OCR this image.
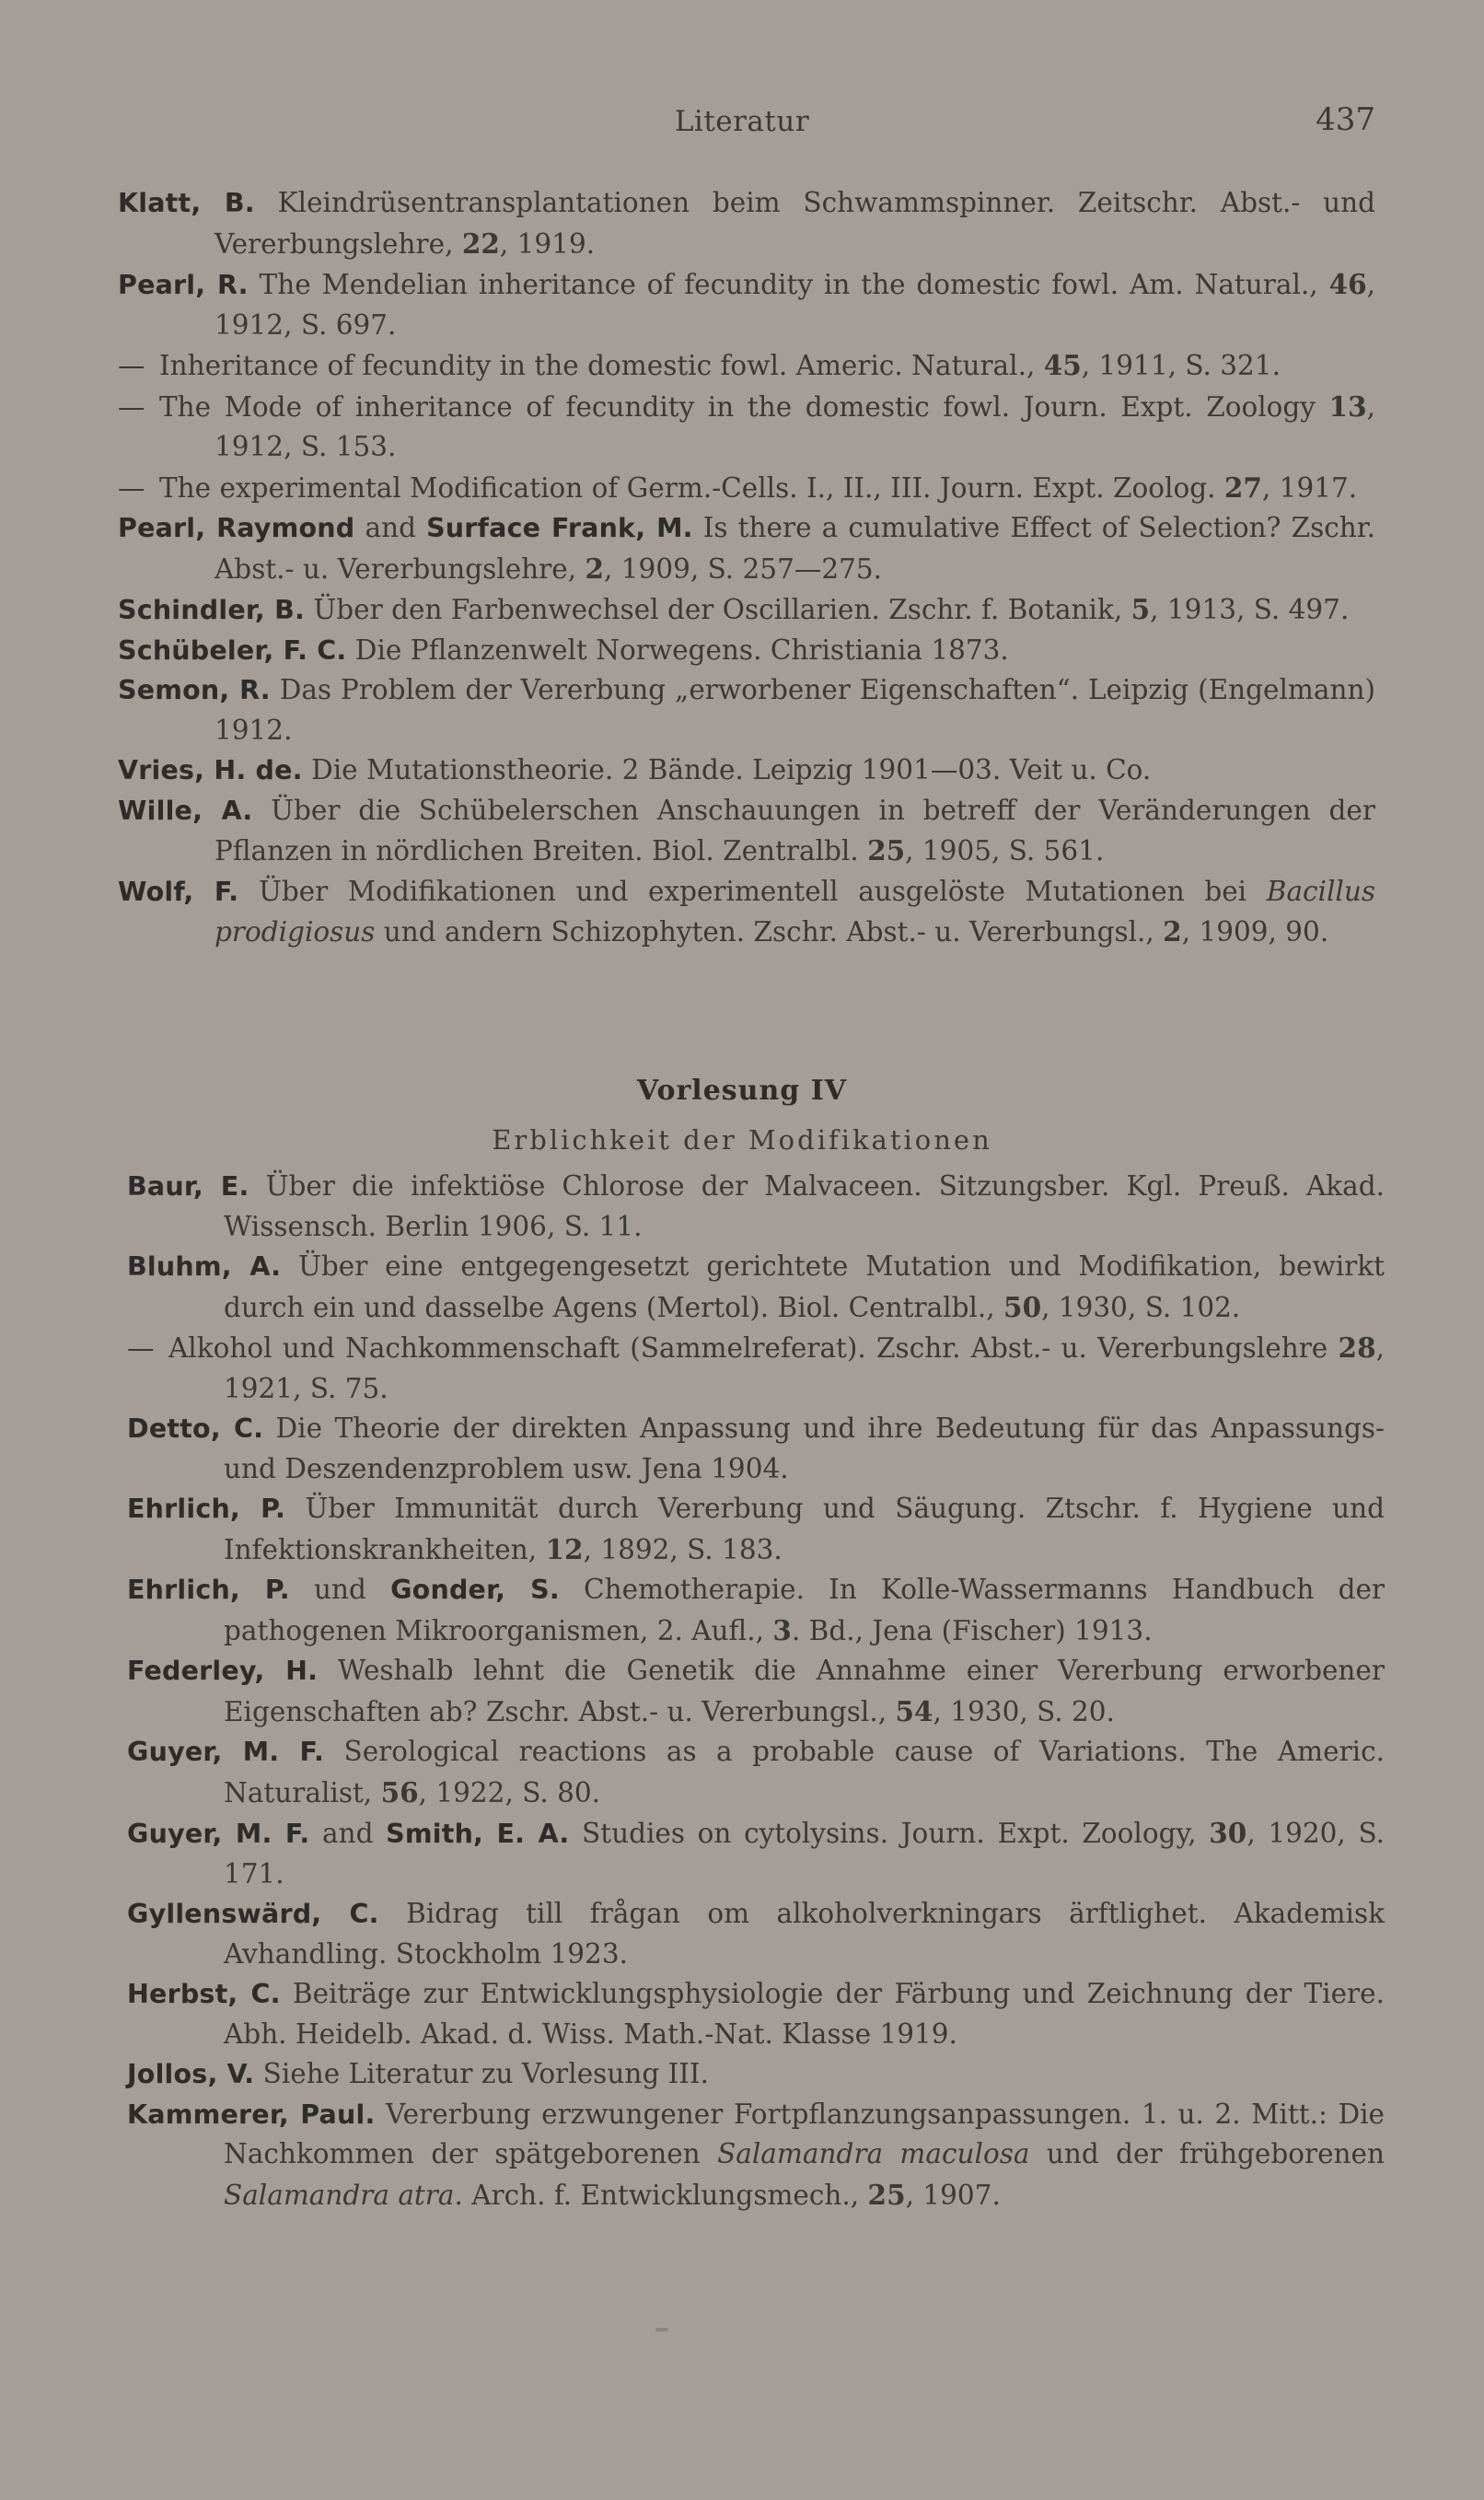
Literatur	437
Klatt, B. Kleindrüsentransplantationen beim Schwammspinner. Zeitschr. Abst.- und Vererbungslehre, 22, 1919.
Pearl, R. The Mendelian inheritance of fecundity in the domestic fowl. Am. Natural., 46, 1912, S. 697.
— Inheritance of fecundity in the domestic fowl. Americ. Natural., 45, 1911, S. 321.
— The Mode of inheritance of fecundity in the domestic fowl. Journ. Expt. Zoology 13, 1912, S. 153.
— The experimental Modification of Germ.-Cells. I., II., III. Journ. Expt. Zoolog. 27, 1917.
Pearl, Raymond and Surface Frank, M. Is there a cumulative Effect of Selection? Zschr. Abst.- u. Vererbungslehre, 2, 1909, S. 257—275.
Schindler, B. Über den Farbenwechsel der Oscillarien. Zschr. f. Botanik, 5, 1913, S. 497.
Schübeler, F. C. Die Pflanzenwelt Norwegens. Christiania 1873.
Semon, R. Das Problem der Vererbung „erworbener Eigenschaften“. Leipzig (Engelmann) 1912.
Vries, H. de. Die Mutationstheorie. 2 Bände. Leipzig 1901—03. Veit u. Co.
Wille, A. Über die Schübelerschen Anschauungen in betreff der Veränderungen der Pflanzen in nördlichen Breiten. Biol. Zentralbl. 25, 1905, S. 561.
Wolf, F. Über Modifikationen und experimentell ausgelöste Mutationen bei Bacillus prodigiosus und andern Schizophyten. Zschr. Abst.- u. Vererbungsl., 2, 1909, 90.
Vorlesung IV
Erblichkeit der Modifikationen
Baur, E. Über die infektiöse Chlorose der Malvaceen. Sitzungsber. Kgl. Preuß. Akad. Wissensch. Berlin 1906, S. 11.
Bluhm, A. Über eine entgegengesetzt gerichtete Mutation und Modifikation, bewirkt durch ein und dasselbe Agens (Mertol). Biol. Centralbl., 50, 1930, S. 102.
— Alkohol und Nachkommenschaft (Sammelreferat). Zschr. Abst.- u. Vererbungslehre 28, 1921, S. 75.
Detto, C. Die Theorie der direkten Anpassung und ihre Bedeutung für das Anpassungs- und Deszendenzproblem usw. Jena 1904.
Ehrlich, P. Über Immunität durch Vererbung und Säugung. Ztschr. f. Hygiene und Infektionskrankheiten, 12, 1892, S. 183.
Ehrlich, P. und Gonder, S. Chemotherapie. In Kolle-Wassermanns Handbuch der pathogenen Mikroorganismen, 2. Aufl., 3. Bd., Jena (Fischer) 1913.
Federley, H. Weshalb lehnt die Genetik die Annahme einer Vererbung erworbener Eigenschaften ab? Zschr. Abst.- u. Vererbungsl., 54, 1930, S. 20.
Guyer, M. F. Serological reactions as a probable cause of Variations. The Americ. Naturalist, 56, 1922, S. 80.
Guyer, M. F. and Smith, E. A. Studies on cytolysins. Journ. Expt. Zoology, 30, 1920, S. 171.
Gyllenswärd, C. Bidrag till frågan om alkoholverkningars ärftlighet. Akademisk Avhandling. Stockholm 1923.
Herbst, C. Beiträge zur Entwicklungsphysiologie der Färbung und Zeichnung der Tiere. Abh. Heidelb. Akad. d. Wiss. Math.-Nat. Klasse 1919.
Jollos, V. Siehe Literatur zu Vorlesung III.
Kammerer, Paul. Vererbung erzwungener Fortpflanzungsanpassungen. 1. u. 2. Mitt.: Die Nachkommen der spätgeborenen Salamandra maculosa und der frühgeborenen Salamandra atra. Arch. f. Entwicklungsmech., 25, 1907.
